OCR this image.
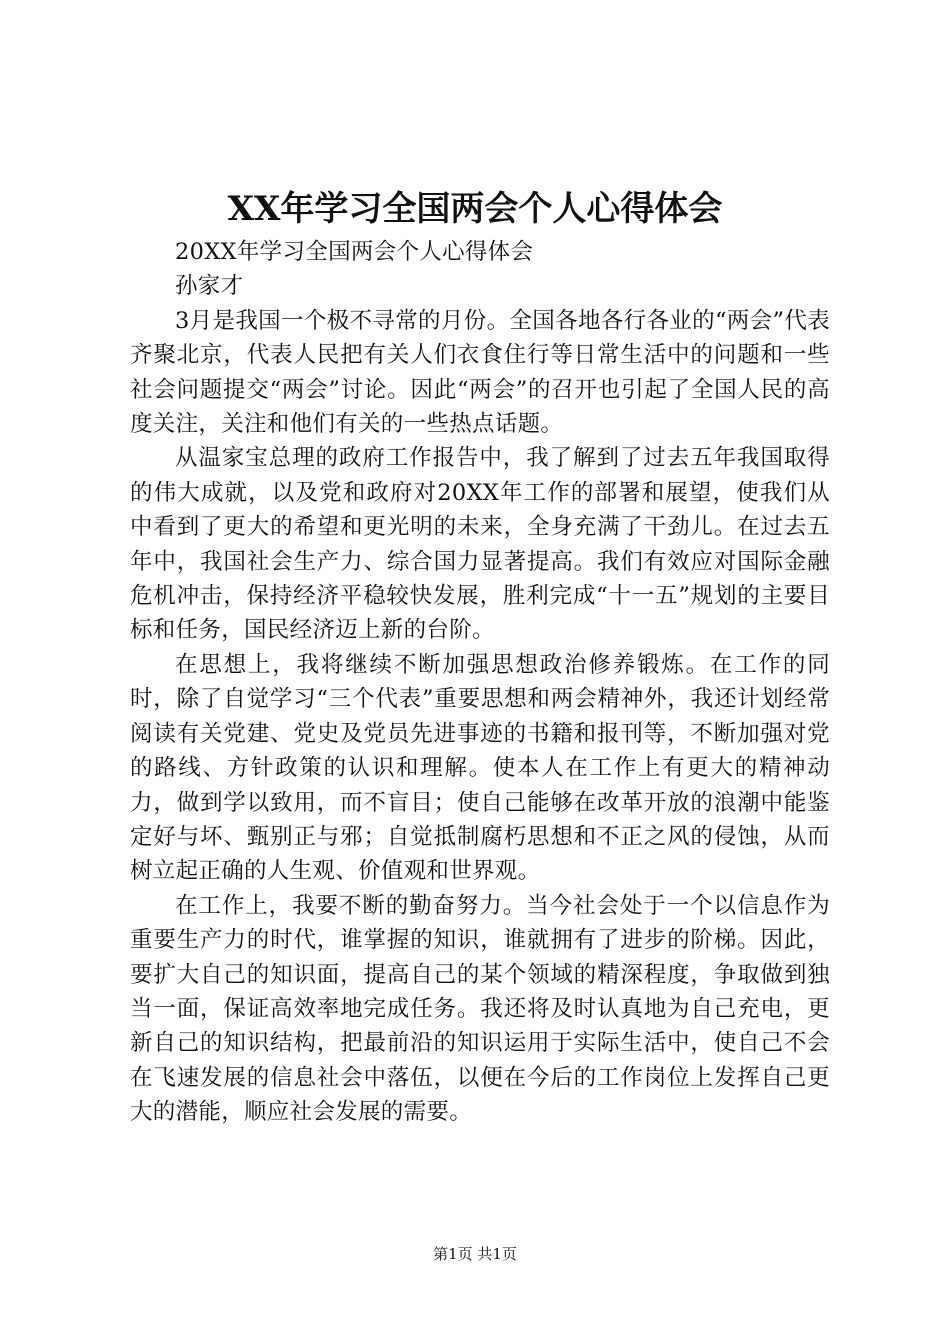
XX年学习全国两会个人心得体会

20XX年学习全国两会个人心得体会

孙家才

3月是我国一个极不寻常的月份。全国各地各行各业的“两会”代表齐聚北京，代表人民把有关人们衣食住行等日常生活中的问题和一些社会问题提交“两会”讨论。因此“两会”的召开也引起了全国人民的高度关注，关注和他们有关的一些热点话题。

从温家宝总理的政府工作报告中，我了解到了过去五年我国取得的伟大成就，以及党和政府对20XX年工作的部署和展望，使我们从中看到了更大的希望和更光明的未来，全身充满了干劲儿。在过去五年中，我国社会生产力、综合国力显著提高。我们有效应对国际金融危机冲击，保持经济平稳较快发展，胜利完成“十一五”规划的主要目标和任务，国民经济迈上新的台阶。

在思想上，我将继续不断加强思想政治修养锻炼。在工作的同时，除了自觉学习“三个代表”重要思想和两会精神外，我还计划经常阅读有关党建、党史及党员先进事迹的书籍和报刊等，不断加强对党的路线、方针政策的认识和理解。使本人在工作上有更大的精神动力，做到学以致用，而不盲目；使自己能够在改革开放的浪潮中能鉴定好与坏、甄别正与邪；自觉抵制腐朽思想和不正之风的侵蚀，从而树立起正确的人生观、价值观和世界观。

在工作上，我要不断的勤奋努力。当今社会处于一个以信息作为重要生产力的时代，谁掌握的知识，谁就拥有了进步的阶梯。因此，要扩大自己的知识面，提高自己的某个领域的精深程度，争取做到独当一面，保证高效率地完成任务。我还将及时认真地为自己充电，更新自己的知识结构，把最前沿的知识运用于实际生活中，使自己不会在飞速发展的信息社会中落伍，以便在今后的工作岗位上发挥自己更大的潜能，顺应社会发展的需要。

第1页 共1页
